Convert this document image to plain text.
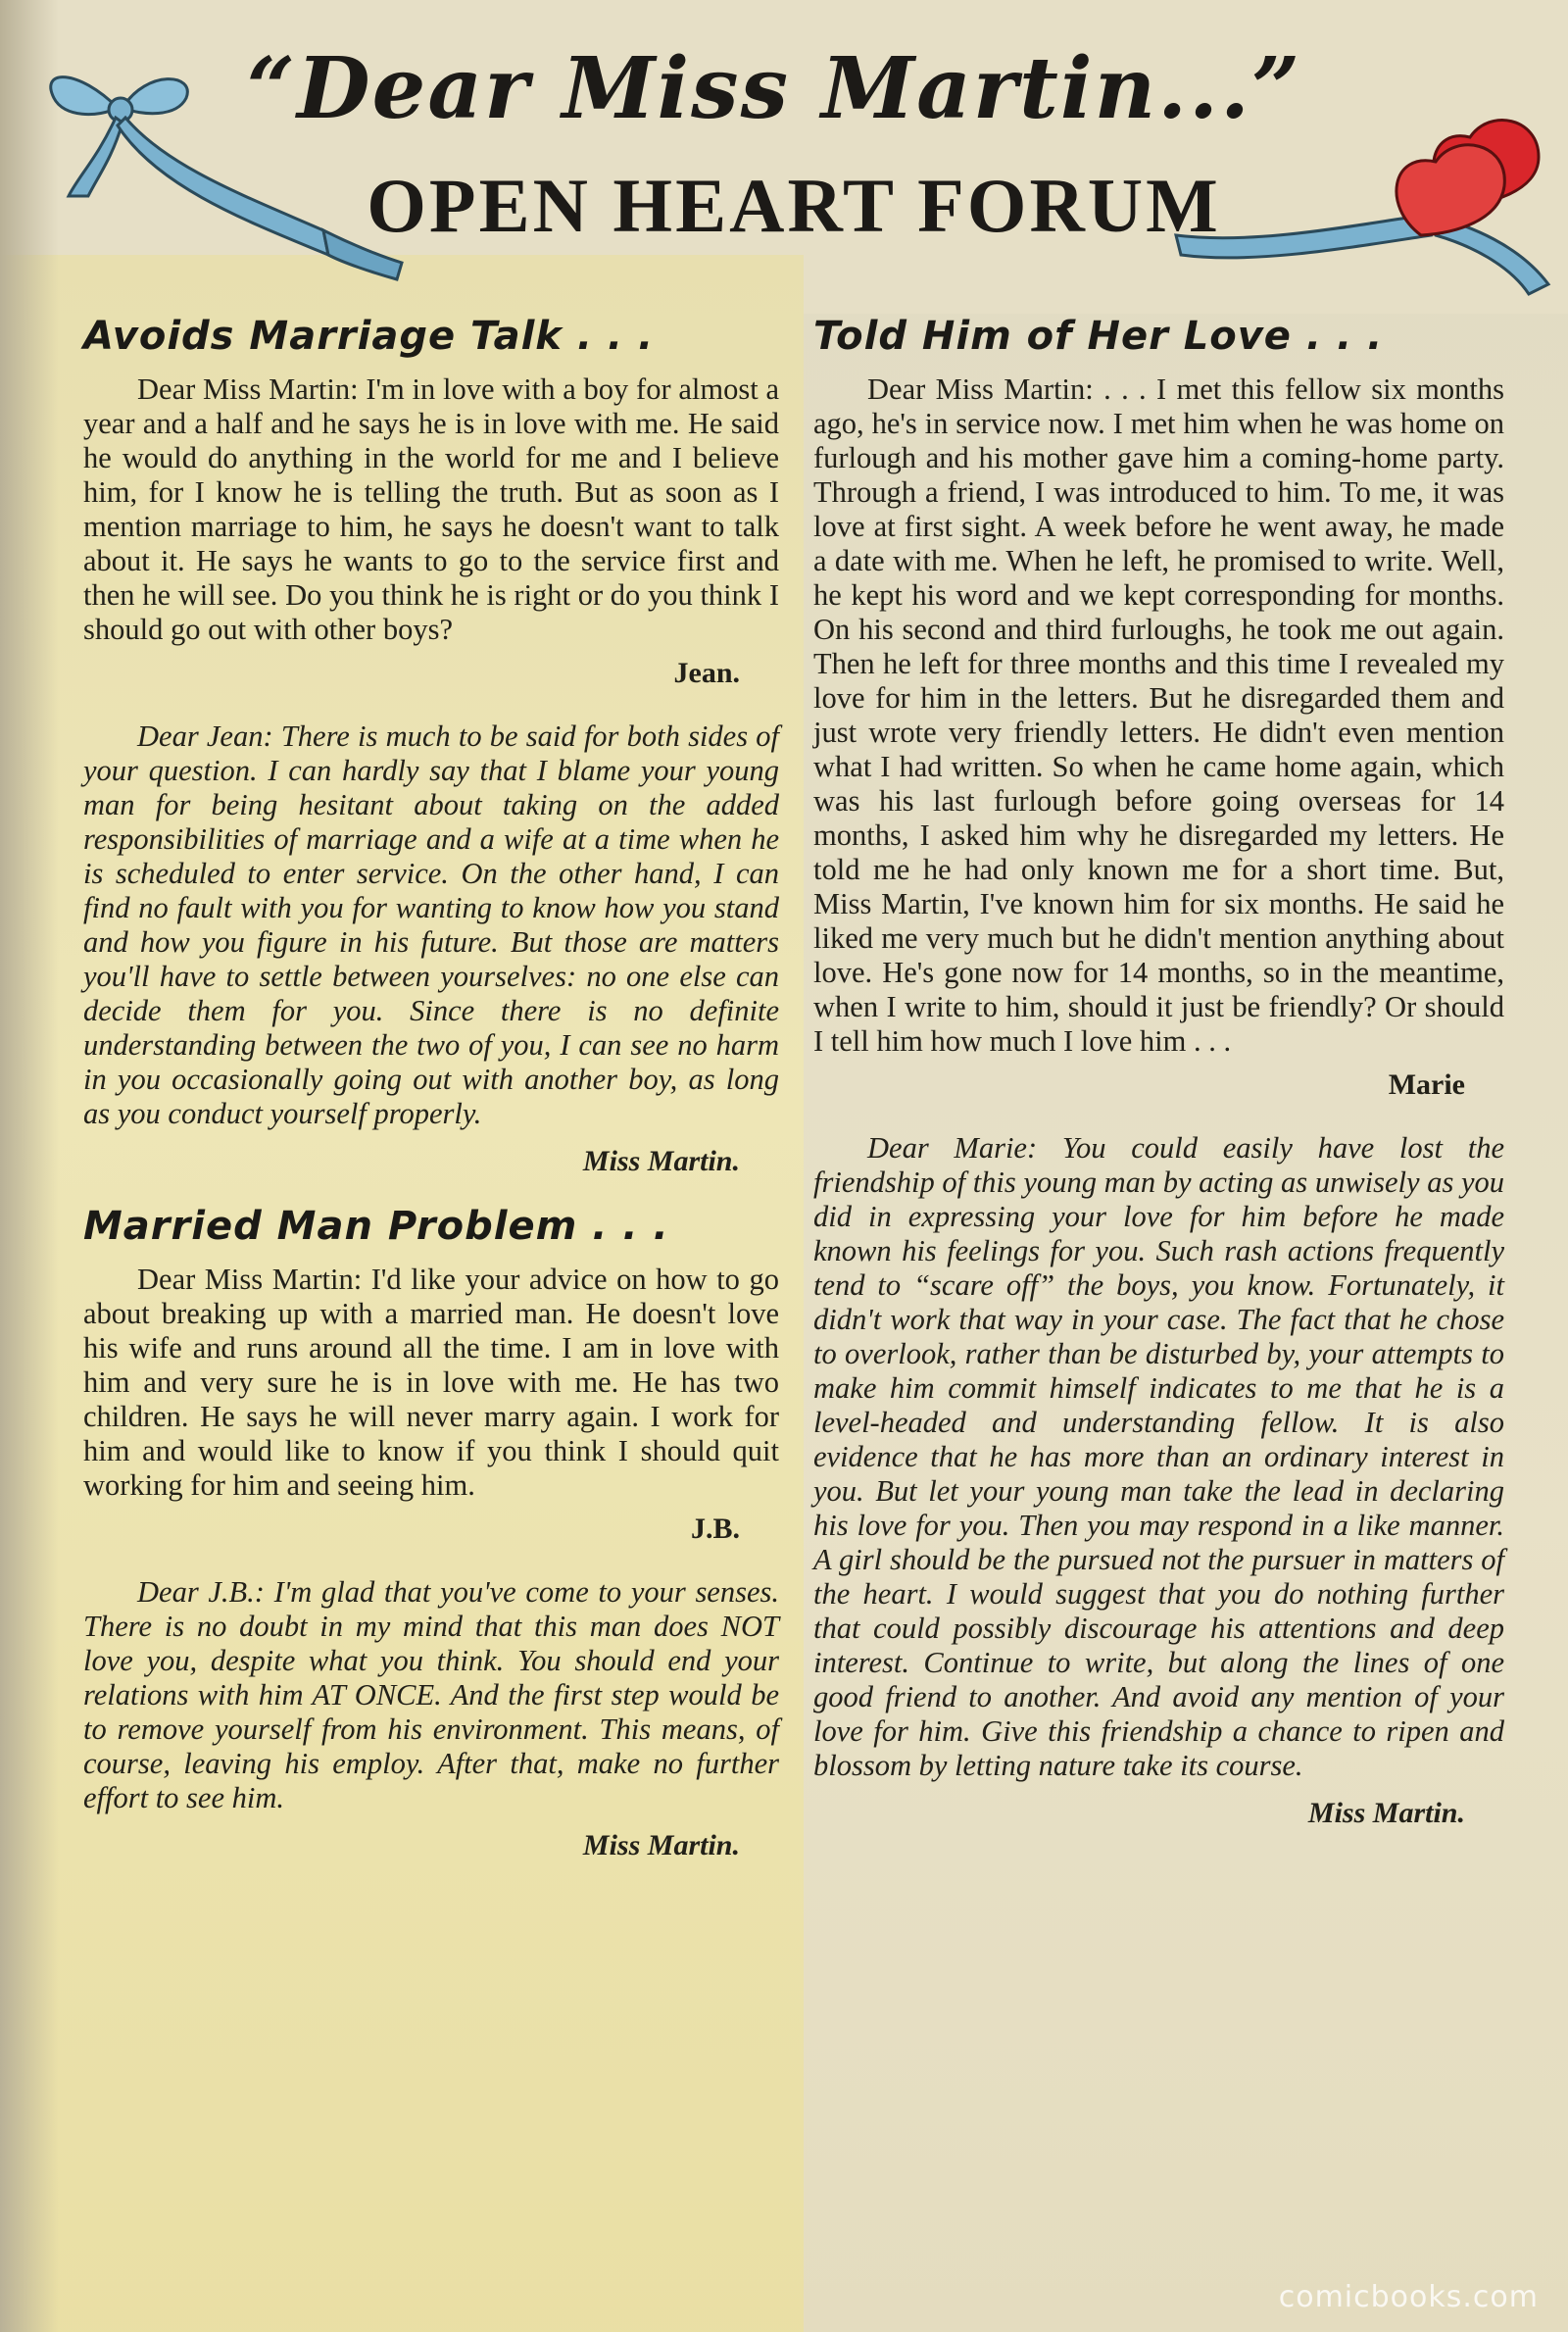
“Dear Miss Martin...”
OPEN HEART FORUM
Avoids Marriage Talk . . .

Dear Miss Martin: I'm in love with a boy for almost a year and a half and he says he is in love with me. He said he would do anything in the world for me and I believe him, for I know he is telling the truth. But as soon as I mention marriage to him, he says he doesn't want to talk about it. He says he wants to go to the service first and then he will see. Do you think he is right or do you think I should go out with other boys?

Jean.

Dear Jean: There is much to be said for both sides of your question. I can hardly say that I blame your young man for being hesitant about taking on the added responsibilities of marriage and a wife at a time when he is scheduled to enter service. On the other hand, I can find no fault with you for wanting to know how you stand and how you figure in his future. But those are matters you'll have to settle between yourselves: no one else can decide them for you. Since there is no definite understanding between the two of you, I can see no harm in you occasionally going out with another boy, as long as you conduct yourself properly.

Miss Martin.
Married Man Problem . . .

Dear Miss Martin: I'd like your advice on how to go about breaking up with a married man. He doesn't love his wife and runs around all the time. I am in love with him and very sure he is in love with me. He has two children. He says he will never marry again. I work for him and would like to know if you think I should quit working for him and seeing him.

J.B.

Dear J.B.: I'm glad that you've come to your senses. There is no doubt in my mind that this man does NOT love you, despite what you think. You should end your relations with him AT ONCE. And the first step would be to remove yourself from his environment. This means, of course, leaving his employ. After that, make no further effort to see him.

Miss Martin.
Told Him of Her Love . . .

Dear Miss Martin: . . . I met this fellow six months ago, he's in service now. I met him when he was home on furlough and his mother gave him a coming-home party. Through a friend, I was introduced to him. To me, it was love at first sight. A week before he went away, he made a date with me. When he left, he promised to write. Well, he kept his word and we kept corresponding for months. On his second and third furloughs, he took me out again. Then he left for three months and this time I revealed my love for him in the letters. But he disregarded them and just wrote very friendly letters. He didn't even mention what I had written. So when he came home again, which was his last furlough before going overseas for 14 months, I asked him why he disregarded my letters. He told me he had only known me for a short time. But, Miss Martin, I've known him for six months. He said he liked me very much but he didn't mention anything about love. He's gone now for 14 months, so in the meantime, when I write to him, should it just be friendly? Or should I tell him how much I love him . . .

Marie

Dear Marie: You could easily have lost the friendship of this young man by acting as unwisely as you did in expressing your love for him before he made known his feelings for you. Such rash actions frequently tend to “scare off” the boys, you know. Fortunately, it didn't work that way in your case. The fact that he chose to overlook, rather than be disturbed by, your attempts to make him commit himself indicates to me that he is a level-headed and understanding fellow. It is also evidence that he has more than an ordinary interest in you. But let your young man take the lead in declaring his love for you. Then you may respond in a like manner. A girl should be the pursued not the pursuer in matters of the heart. I would suggest that you do nothing further that could possibly discourage his attentions and deep interest. Continue to write, but along the lines of one good friend to another. And avoid any mention of your love for him. Give this friendship a chance to ripen and blossom by letting nature take its course.

Miss Martin.
comicbooks.com
